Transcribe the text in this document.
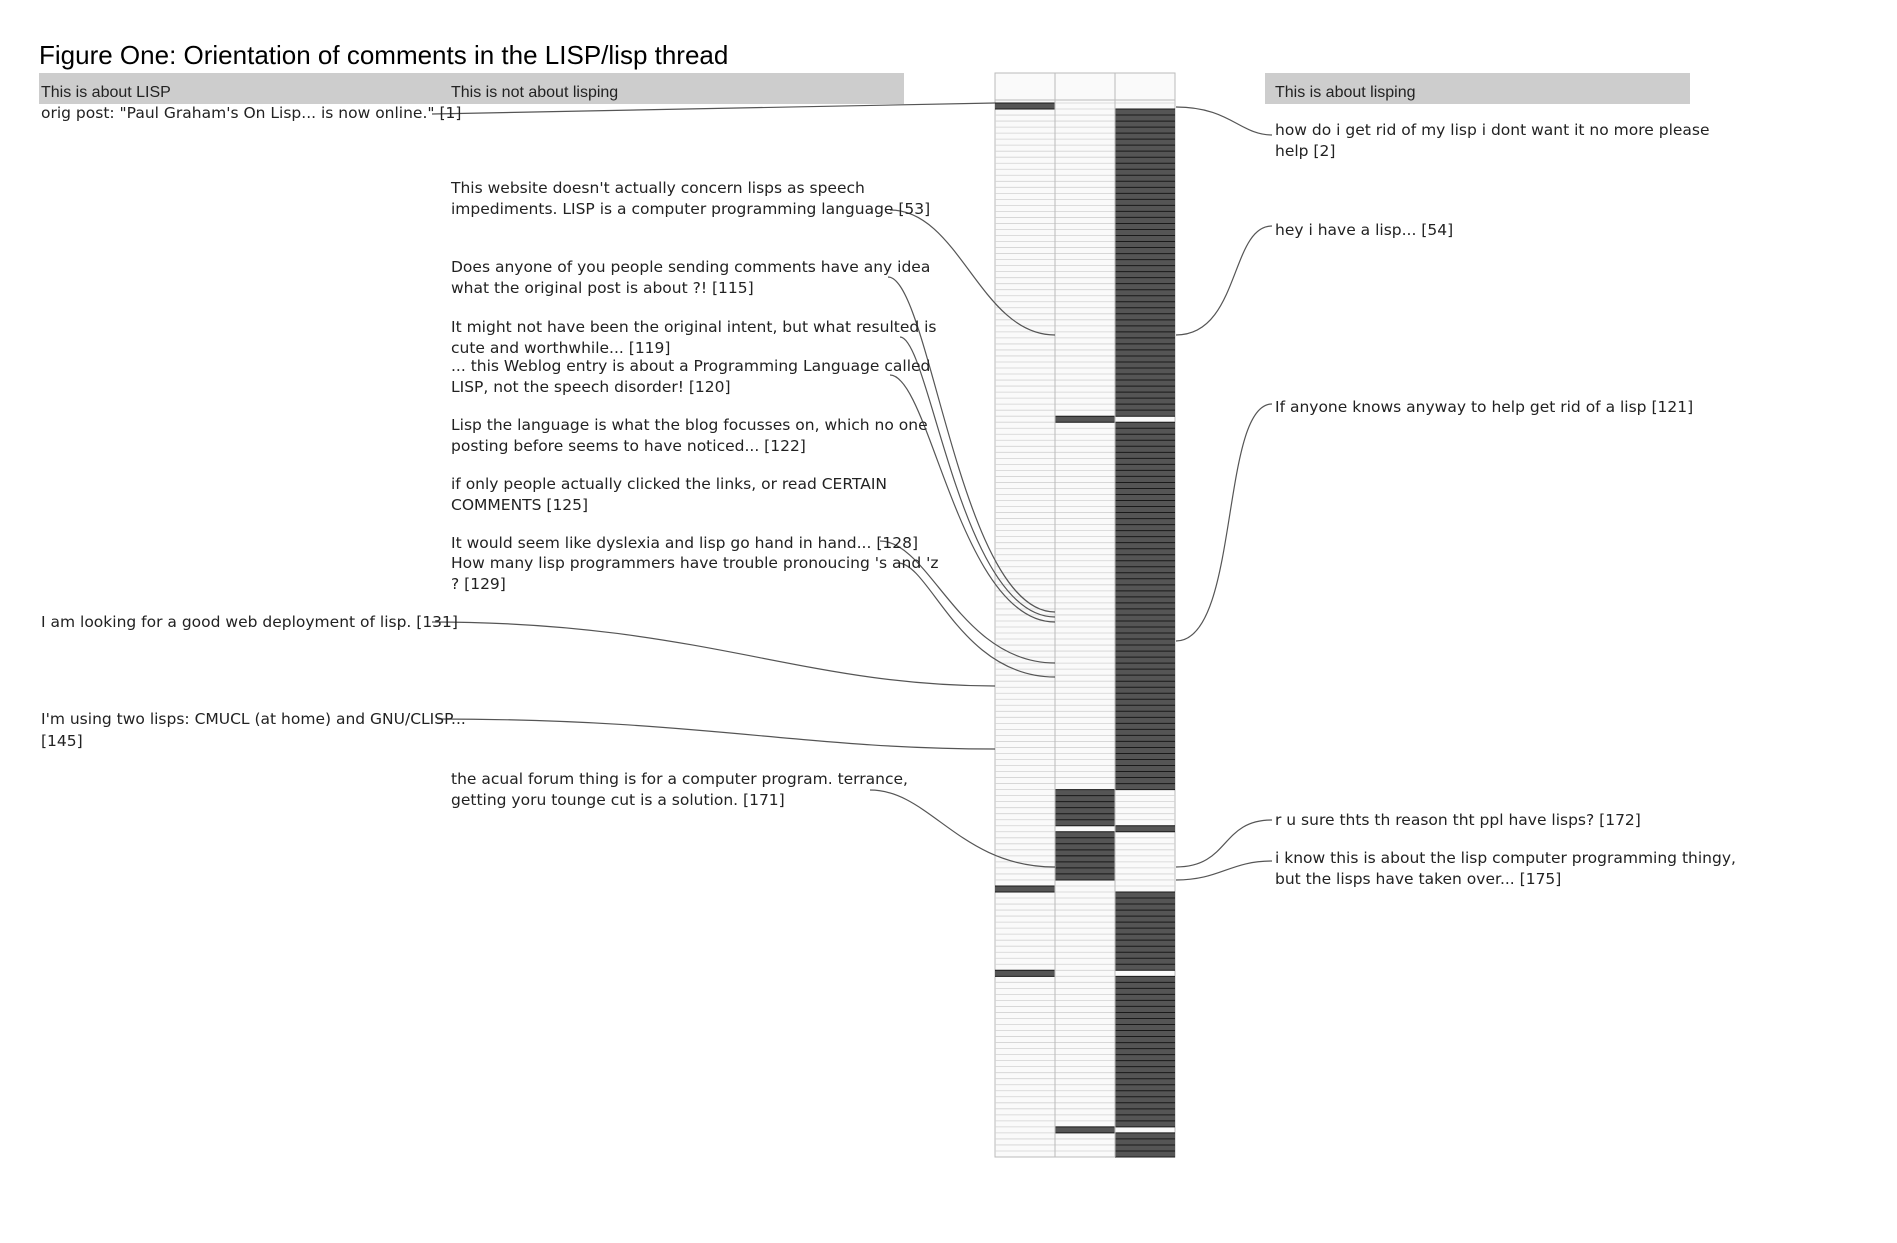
Figure One: Orientation of comments in the LISP/lisp thread
This is about LISP	This is not about lisping	This is about lisping
orig post: "Paul Graham's On Lisp... is now online." [1]
I am looking for a good web deployment of lisp. [131]
I'm using two lisps: CMUCL (at home) and GNU/CLISP...
[145]
This website doesn't actually concern lisps as speech
impediments. LISP is a computer programming language [53]
Does anyone of you people sending comments have any idea
what the original post is about ?! [115]
It might not have been the original intent, but what resulted is
cute and worthwhile... [119]
... this Weblog entry is about a Programming Language called
LISP, not the speech disorder! [120]
Lisp the language is what the blog focusses on, which no one
posting before seems to have noticed... [122]
if only people actually clicked the links, or read CERTAIN
COMMENTS [125]
It would seem like dyslexia and lisp go hand in hand... [128]
How many lisp programmers have trouble pronoucing 's and 'z
? [129]
the acual forum thing is for a computer program. terrance,
getting yoru tounge cut is a solution. [171]
how do i get rid of my lisp i dont want it no more please
help [2]
hey i have a lisp... [54]
If anyone knows anyway to help get rid of a lisp [121]
r u sure thts th reason tht ppl have lisps? [172]
i know this is about the lisp computer programming thingy,
but the lisps have taken over... [175]
